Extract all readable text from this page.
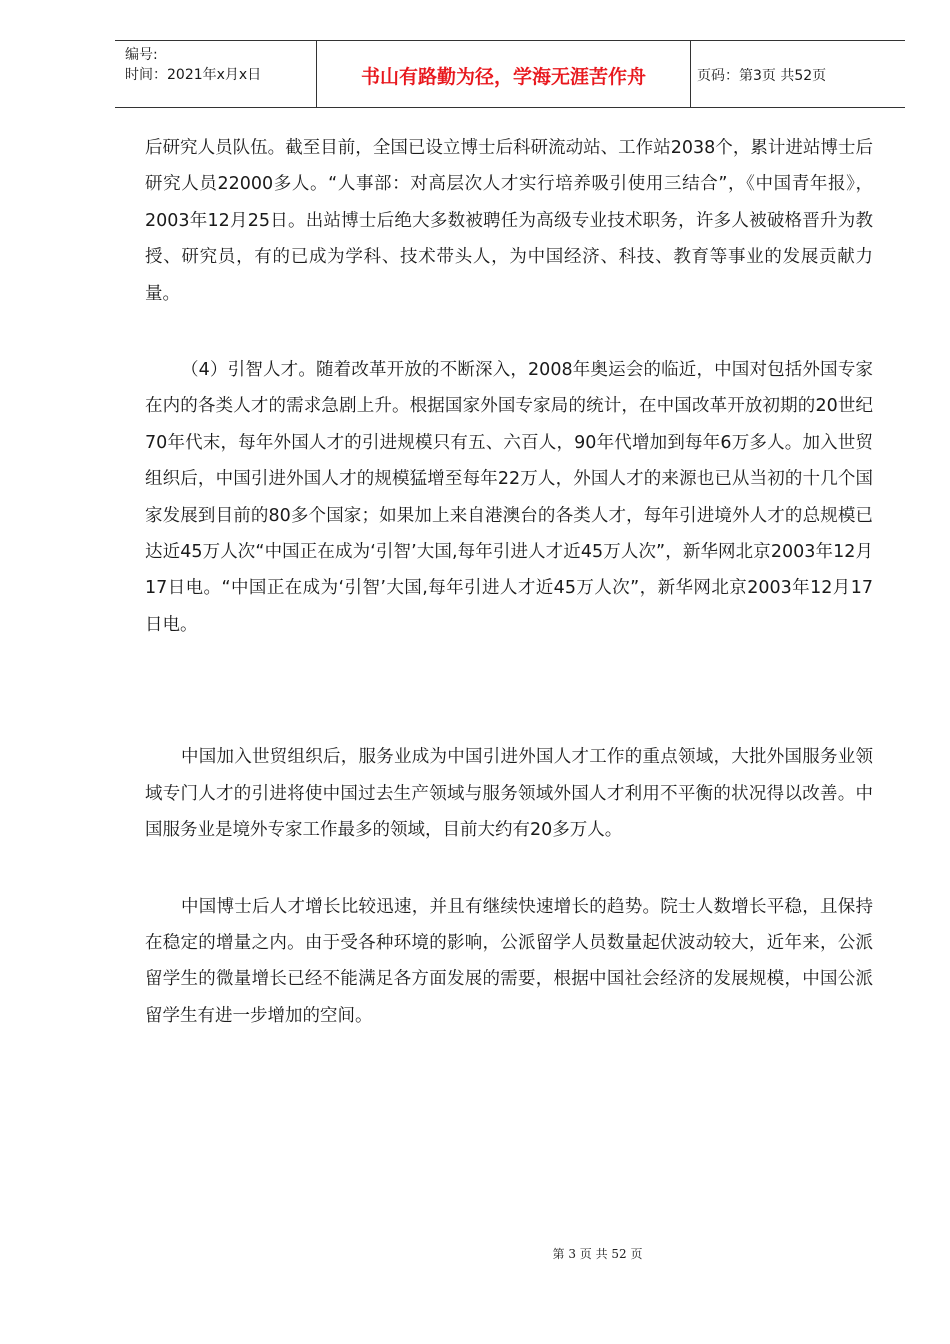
编号:
时间：2021年x月x日	书山有路勤为径，学海无涯苦作舟	页码：第3页 共52页

后研究人员队伍。截至目前，全国已设立博士后科研流动站、工作站2038个，累计进站博士后研究人员22000多人。“人事部：对高层次人才实行培养吸引使用三结合”，《中国青年报》，2003年12月25日。出站博士后绝大多数被聘任为高级专业技术职务，许多人被破格晋升为教授、研究员，有的已成为学科、技术带头人，为中国经济、科技、教育等事业的发展贡献力量。

（4）引智人才。随着改革开放的不断深入，2008年奥运会的临近，中国对包括外国专家在内的各类人才的需求急剧上升。根据国家外国专家局的统计，在中国改革开放初期的20世纪70年代末，每年外国人才的引进规模只有五、六百人，90年代增加到每年6万多人。加入世贸组织后，中国引进外国人才的规模猛增至每年22万人，外国人才的来源也已从当初的十几个国家发展到目前的80多个国家；如果加上来自港澳台的各类人才，每年引进境外人才的总规模已达近45万人次“中国正在成为‘引智’大国,每年引进人才近45万人次”，新华网北京2003年12月17日电。“中国正在成为‘引智’大国,每年引进人才近45万人次”，新华网北京2003年12月17日电。

中国加入世贸组织后，服务业成为中国引进外国人才工作的重点领域，大批外国服务业领域专门人才的引进将使中国过去生产领域与服务领域外国人才利用不平衡的状况得以改善。中国服务业是境外专家工作最多的领域，目前大约有20多万人。

中国博士后人才增长比较迅速，并且有继续快速增长的趋势。院士人数增长平稳，且保持在稳定的增量之内。由于受各种环境的影响，公派留学人员数量起伏波动较大，近年来，公派留学生的微量增长已经不能满足各方面发展的需要，根据中国社会经济的发展规模，中国公派留学生有进一步增加的空间。

第 3 页 共 52 页
